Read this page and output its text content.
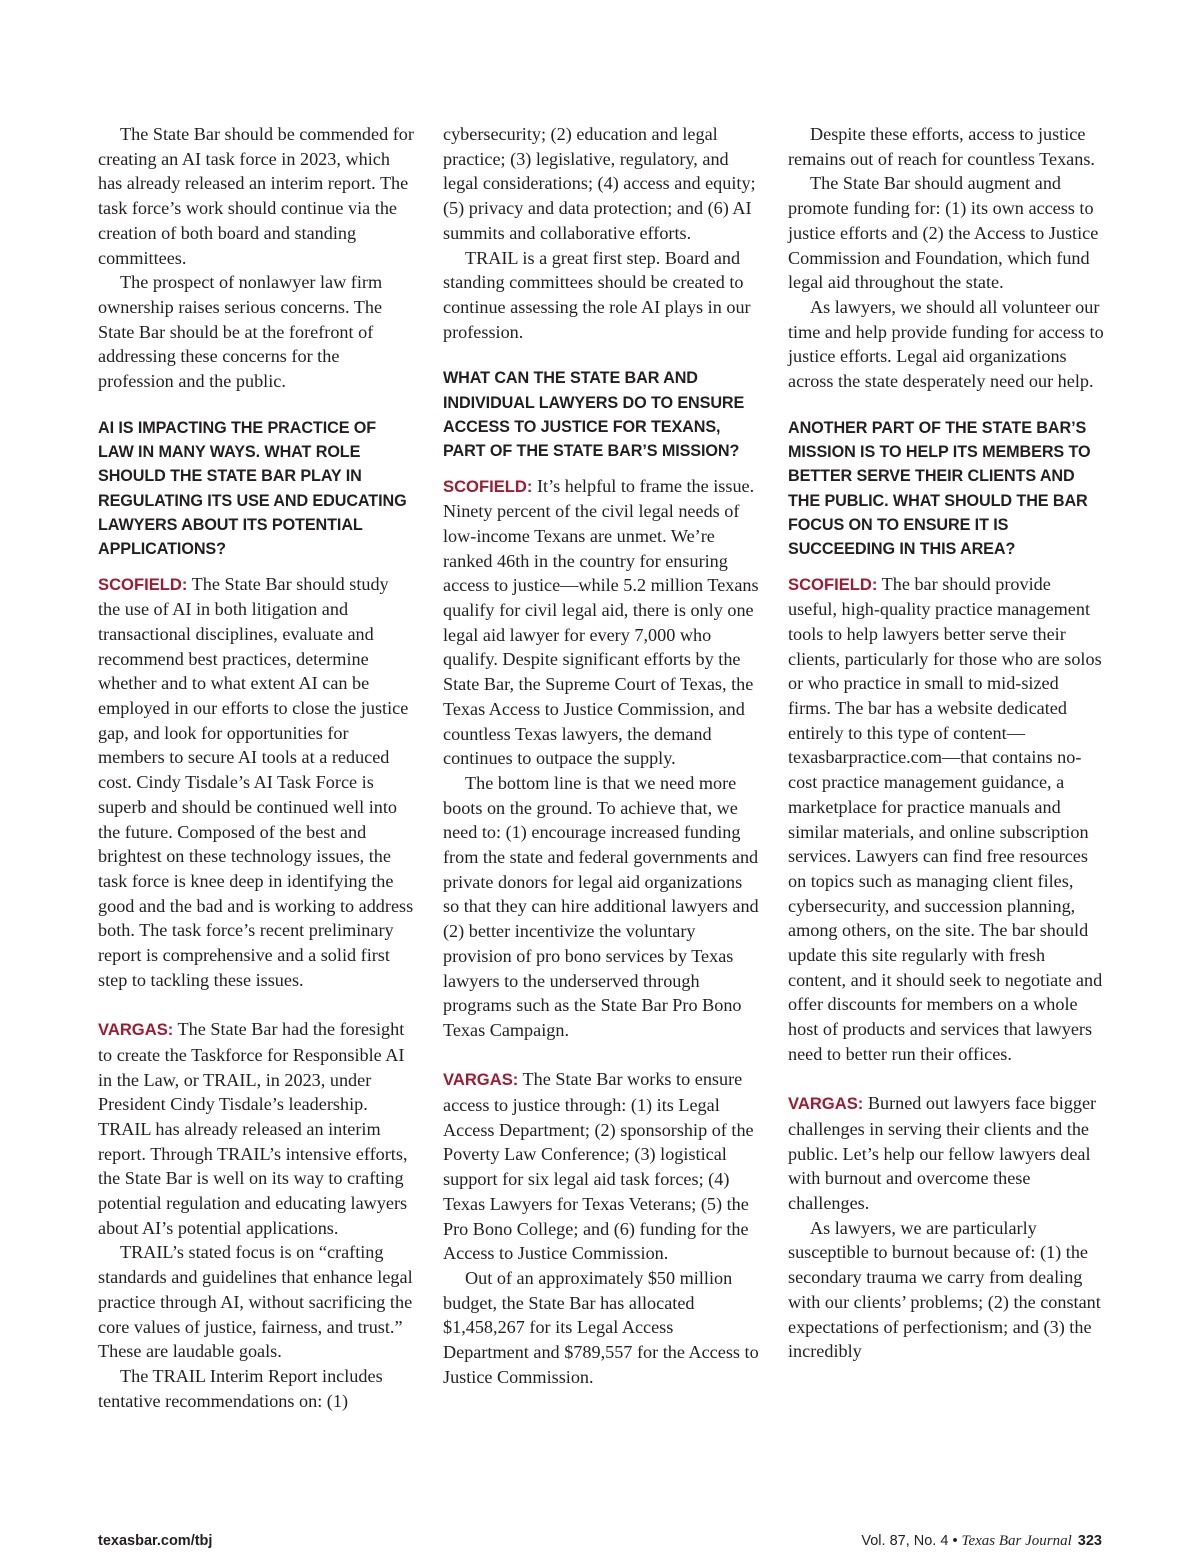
The State Bar should be commended for creating an AI task force in 2023, which has already released an interim report. The task force’s work should continue via the creation of both board and standing committees.

The prospect of nonlawyer law firm ownership raises serious concerns. The State Bar should be at the forefront of addressing these concerns for the profession and the public.

AI IS IMPACTING THE PRACTICE OF LAW IN MANY WAYS. WHAT ROLE SHOULD THE STATE BAR PLAY IN REGULATING ITS USE AND EDUCATING LAWYERS ABOUT ITS POTENTIAL APPLICATIONS?

SCOFIELD: The State Bar should study the use of AI in both litigation and transactional disciplines, evaluate and recommend best practices, determine whether and to what extent AI can be employed in our efforts to close the justice gap, and look for opportunities for members to secure AI tools at a reduced cost. Cindy Tisdale’s AI Task Force is superb and should be continued well into the future. Composed of the best and brightest on these technology issues, the task force is knee deep in identifying the good and the bad and is working to address both. The task force’s recent preliminary report is comprehensive and a solid first step to tackling these issues.

VARGAS: The State Bar had the foresight to create the Taskforce for Responsible AI in the Law, or TRAIL, in 2023, under President Cindy Tisdale’s leadership. TRAIL has already released an interim report. Through TRAIL’s intensive efforts, the State Bar is well on its way to crafting potential regulation and educating lawyers about AI’s potential applications.

TRAIL’s stated focus is on “crafting standards and guidelines that enhance legal practice through AI, without sacrificing the core values of justice, fairness, and trust.” These are laudable goals.

The TRAIL Interim Report includes tentative recommendations on: (1)

cybersecurity; (2) education and legal practice; (3) legislative, regulatory, and legal considerations; (4) access and equity; (5) privacy and data protection; and (6) AI summits and collaborative efforts.

TRAIL is a great first step. Board and standing committees should be created to continue assessing the role AI plays in our profession.

WHAT CAN THE STATE BAR AND INDIVIDUAL LAWYERS DO TO ENSURE ACCESS TO JUSTICE FOR TEXANS, PART OF THE STATE BAR’S MISSION?

SCOFIELD: It’s helpful to frame the issue. Ninety percent of the civil legal needs of low-income Texans are unmet. We’re ranked 46th in the country for ensuring access to justice—while 5.2 million Texans qualify for civil legal aid, there is only one legal aid lawyer for every 7,000 who qualify. Despite significant efforts by the State Bar, the Supreme Court of Texas, the Texas Access to Justice Commission, and countless Texas lawyers, the demand continues to outpace the supply.

The bottom line is that we need more boots on the ground. To achieve that, we need to: (1) encourage increased funding from the state and federal governments and private donors for legal aid organizations so that they can hire additional lawyers and (2) better incentivize the voluntary provision of pro bono services by Texas lawyers to the underserved through programs such as the State Bar Pro Bono Texas Campaign.

VARGAS: The State Bar works to ensure access to justice through: (1) its Legal Access Department; (2) sponsorship of the Poverty Law Conference; (3) logistical support for six legal aid task forces; (4) Texas Lawyers for Texas Veterans; (5) the Pro Bono College; and (6) funding for the Access to Justice Commission.

Out of an approximately $50 million budget, the State Bar has allocated $1,458,267 for its Legal Access Department and $789,557 for the Access to Justice Commission.

Despite these efforts, access to justice remains out of reach for countless Texans.

The State Bar should augment and promote funding for: (1) its own access to justice efforts and (2) the Access to Justice Commission and Foundation, which fund legal aid throughout the state.

As lawyers, we should all volunteer our time and help provide funding for access to justice efforts. Legal aid organizations across the state desperately need our help.

ANOTHER PART OF THE STATE BAR’S MISSION IS TO HELP ITS MEMBERS TO BETTER SERVE THEIR CLIENTS AND THE PUBLIC. WHAT SHOULD THE BAR FOCUS ON TO ENSURE IT IS SUCCEEDING IN THIS AREA?

SCOFIELD: The bar should provide useful, high-quality practice management tools to help lawyers better serve their clients, particularly for those who are solos or who practice in small to mid-sized firms. The bar has a website dedicated entirely to this type of content—texasbarpractice.com—that contains no-cost practice management guidance, a marketplace for practice manuals and similar materials, and online subscription services. Lawyers can find free resources on topics such as managing client files, cybersecurity, and succession planning, among others, on the site. The bar should update this site regularly with fresh content, and it should seek to negotiate and offer discounts for members on a whole host of products and services that lawyers need to better run their offices.

VARGAS: Burned out lawyers face bigger challenges in serving their clients and the public. Let’s help our fellow lawyers deal with burnout and overcome these challenges.

As lawyers, we are particularly susceptible to burnout because of: (1) the secondary trauma we carry from dealing with our clients’ problems; (2) the constant expectations of perfectionism; and (3) the incredibly

texasbar.com/tbj	Vol. 87, No. 4 • Texas Bar Journal 323
